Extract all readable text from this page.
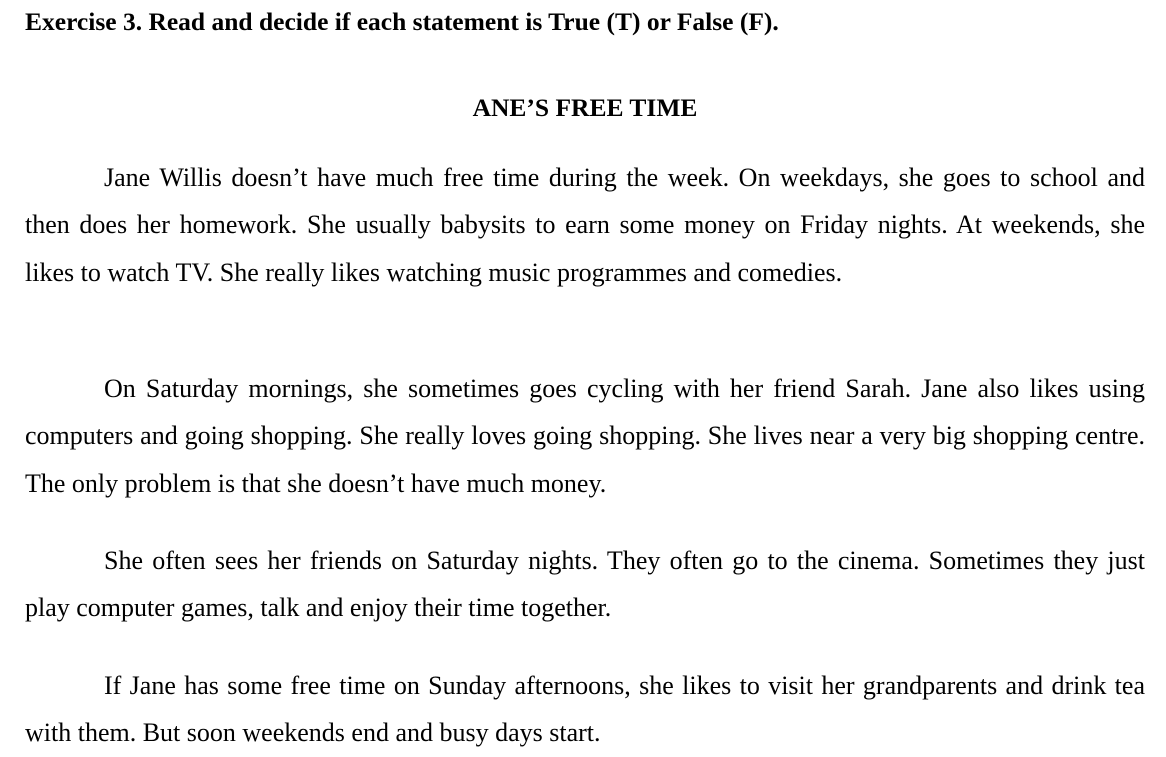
Exercise 3. Read and decide if each statement is True (T) or False (F).
ANE’S FREE TIME

Jane Willis doesn’t have much free time during the week. On weekdays, she goes to school and then does her homework. She usually babysits to earn some money on Friday nights. At weekends, she likes to watch TV. She really likes watching music programmes and comedies.

On Saturday mornings, she sometimes goes cycling with her friend Sarah. Jane also likes using computers and going shopping. She really loves going shopping. She lives near a very big shopping centre. The only problem is that she doesn’t have much money.

She often sees her friends on Saturday nights. They often go to the cinema. Sometimes they just play computer games, talk and enjoy their time together.

If Jane has some free time on Sunday afternoons, she likes to visit her grandparents and drink tea with them. But soon weekends end and busy days start.
